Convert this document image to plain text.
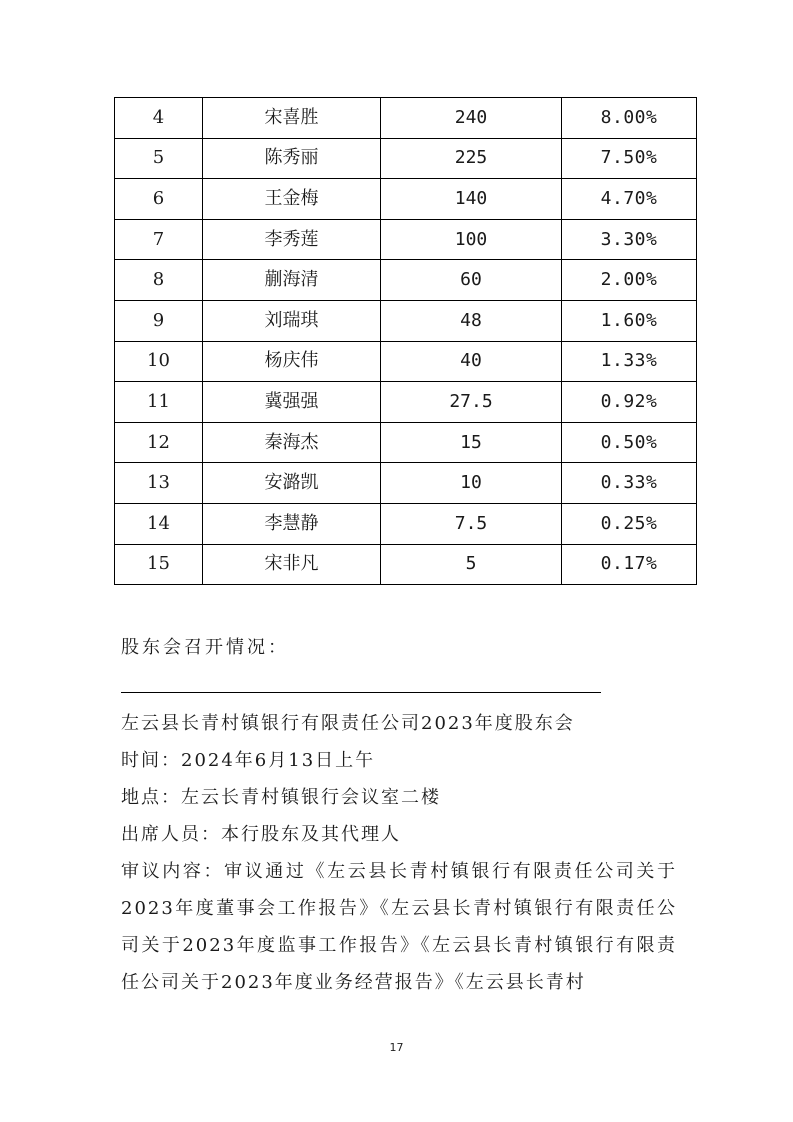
4	宋喜胜	240	8.00%
5	陈秀丽	225	7.50%
6	王金梅	140	4.70%
7	李秀莲	100	3.30%
8	蒯海清	60	2.00%
9	刘瑞琪	48	1.60%
10	杨庆伟	40	1.33%
11	冀强强	27.5	0.92%
12	秦海杰	15	0.50%
13	安潞凯	10	0.33%
14	李慧静	7.5	0.25%
15	宋非凡	5	0.17%
股东会召开情况：

左云县长青村镇银行有限责任公司2023年度股东会

时间：2024年6月13日上午

地点：左云长青村镇银行会议室二楼

出席人员：本行股东及其代理人

审议内容：审议通过《左云县长青村镇银行有限责任公司关于2023年度董事会工作报告》《左云县长青村镇银行有限责任公司关于2023年度监事工作报告》《左云县长青村镇银行有限责任公司关于2023年度业务经营报告》《左云县长青村

17
